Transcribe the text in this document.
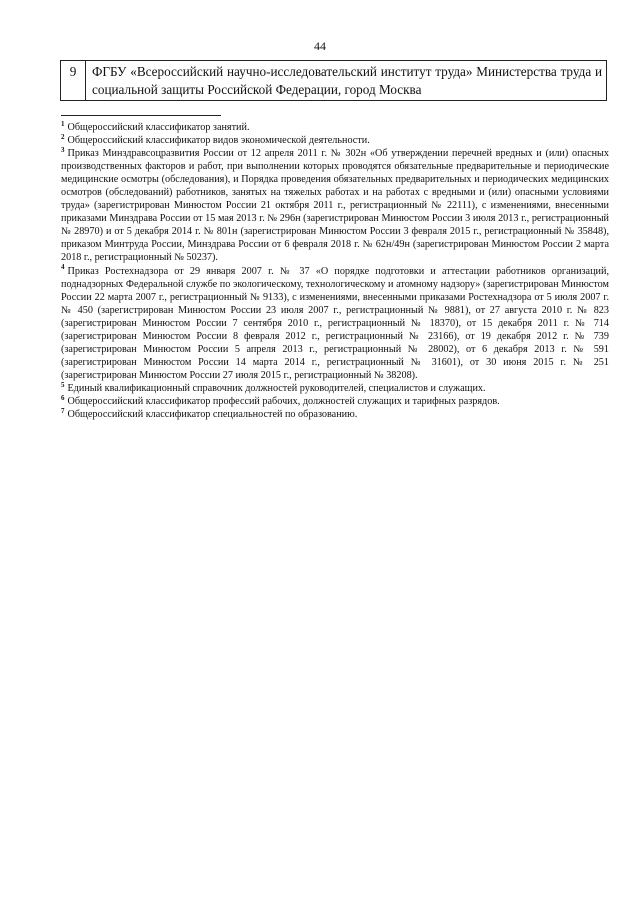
44
9	ФГБУ «Всероссийский научно-исследовательский институт труда» Министерства труда и социальной защиты Российской Федерации, город Москва

$^1$ Общероссийский классификатор занятий.

$^2$ Общероссийский классификатор видов экономической деятельности.

$^3$ Приказ Минздравсоцразвития России от 12 апреля 2011 г. № 302н «Об утверждении перечней вредных и (или) опасных производственных факторов и работ, при выполнении которых проводятся обязательные предварительные и периодические медицинские осмотры (обследования), и Порядка проведения обязательных предварительных и периодических медицинских осмотров (обследований) работников, занятых на тяжелых работах и на работах с вредными и (или) опасными условиями труда» (зарегистрирован Минюстом России 21 октября 2011 г., регистрационный № 22111), с изменениями, внесенными приказами Минздрава России от 15 мая 2013 г. № 296н (зарегистрирован Минюстом России 3 июля 2013 г., регистрационный № 28970) и от 5 декабря 2014 г. № 801н (зарегистрирован Минюстом России 3 февраля 2015 г., регистрационный № 35848), приказом Минтруда России, Минздрава России от 6 февраля 2018 г. № 62н/49н (зарегистрирован Минюстом России 2 марта 2018 г., регистрационный № 50237).

$^4$ Приказ Ростехнадзора от 29 января 2007 г. № 37 «О порядке подготовки и аттестации работников организаций, поднадзорных Федеральной службе по экологическому, технологическому и атомному надзору» (зарегистрирован Минюстом России 22 марта 2007 г., регистрационный № 9133), с изменениями, внесенными приказами Ростехнадзора от 5 июля 2007 г. № 450 (зарегистрирован Минюстом России 23 июля 2007 г., регистрационный № 9881), от 27 августа 2010 г. № 823 (зарегистрирован Минюстом России 7 сентября 2010 г., регистрационный № 18370), от 15 декабря 2011 г. № 714 (зарегистрирован Минюстом России 8 февраля 2012 г., регистрационный № 23166), от 19 декабря 2012 г. № 739 (зарегистрирован Минюстом России 5 апреля 2013 г., регистрационный № 28002), от 6 декабря 2013 г. № 591 (зарегистрирован Минюстом России 14 марта 2014 г., регистрационный № 31601), от 30 июня 2015 г. № 251 (зарегистрирован Минюстом России 27 июля 2015 г., регистрационный № 38208).

$^5$ Единый квалификационный справочник должностей руководителей, специалистов и служащих.

$^6$ Общероссийский классификатор профессий рабочих, должностей служащих и тарифных разрядов.

$^7$ Общероссийский классификатор специальностей по образованию.
